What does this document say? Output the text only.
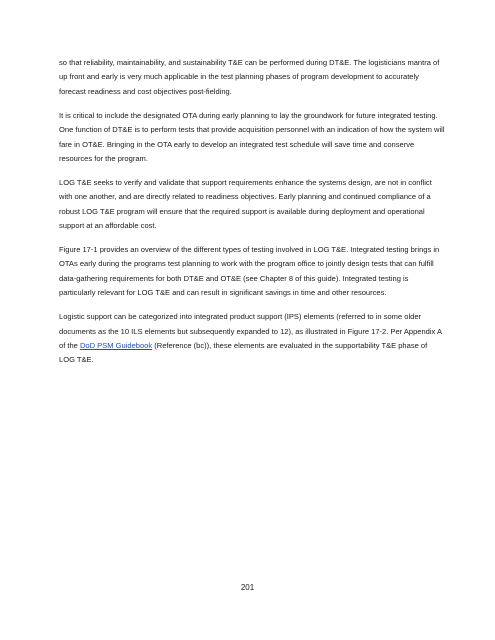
so that reliability, maintainability, and sustainability T&E can be performed during DT&E. The logisticians mantra of up front and early is very much applicable in the test planning phases of program development to accurately forecast readiness and cost objectives post-fielding.

It is critical to include the designated OTA during early planning to lay the groundwork for future integrated testing. One function of DT&E is to perform tests that provide acquisition personnel with an indication of how the system will fare in OT&E. Bringing in the OTA early to develop an integrated test schedule will save time and conserve resources for the program.

LOG T&E seeks to verify and validate that support requirements enhance the systems design, are not in conflict with one another, and are directly related to readiness objectives. Early planning and continued compliance of a robust LOG T&E program will ensure that the required support is available during deployment and operational support at an affordable cost.

Figure 17-1 provides an overview of the different types of testing involved in LOG T&E. Integrated testing brings in OTAs early during the programs test planning to work with the program office to jointly design tests that can fulfill data-gathering requirements for both DT&E and OT&E (see Chapter 8 of this guide). Integrated testing is particularly relevant for LOG T&E and can result in significant savings in time and other resources.

Logistic support can be categorized into integrated product support (IPS) elements (referred to in some older documents as the 10 ILS elements but subsequently expanded to 12), as illustrated in Figure 17-2. Per Appendix A of the DoD PSM Guidebook (Reference (bc)), these elements are evaluated in the supportability T&E phase of LOG T&E.

201
